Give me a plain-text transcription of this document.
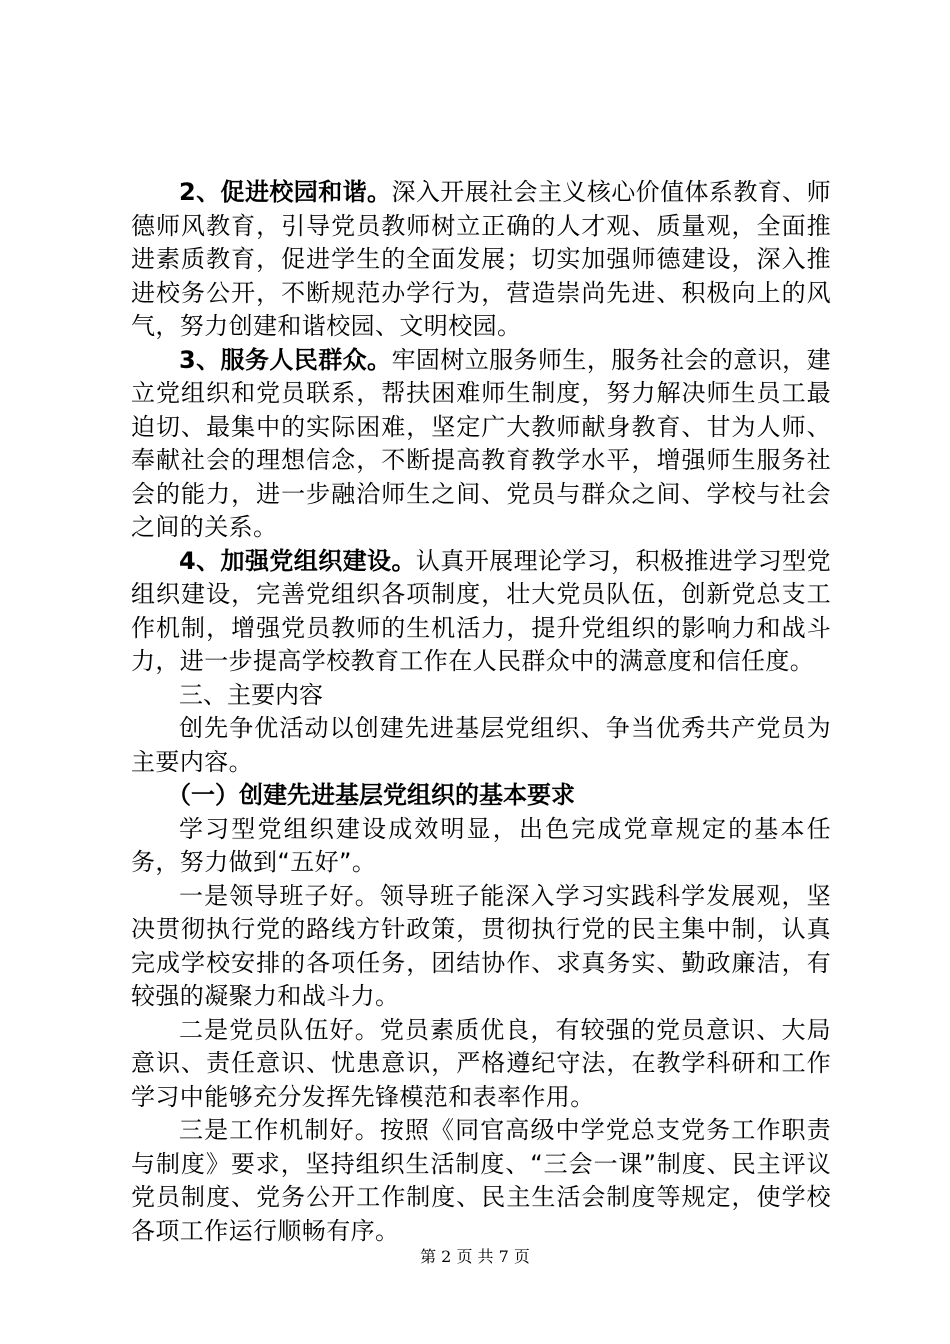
2、促进校园和谐。深入开展社会主义核心价值体系教育、师德师风教育，引导党员教师树立正确的人才观、质量观，全面推进素质教育，促进学生的全面发展；切实加强师德建设，深入推进校务公开，不断规范办学行为，营造崇尚先进、积极向上的风气，努力创建和谐校园、文明校园。

3、服务人民群众。牢固树立服务师生，服务社会的意识，建立党组织和党员联系，帮扶困难师生制度，努力解决师生员工最迫切、最集中的实际困难，坚定广大教师献身教育、甘为人师、奉献社会的理想信念，不断提高教育教学水平，增强师生服务社会的能力，进一步融洽师生之间、党员与群众之间、学校与社会之间的关系。

4、加强党组织建设。认真开展理论学习，积极推进学习型党组织建设，完善党组织各项制度，壮大党员队伍，创新党总支工作机制，增强党员教师的生机活力，提升党组织的影响力和战斗力，进一步提高学校教育工作在人民群众中的满意度和信任度。

三、主要内容

创先争优活动以创建先进基层党组织、争当优秀共产党员为主要内容。

（一）创建先进基层党组织的基本要求

学习型党组织建设成效明显，出色完成党章规定的基本任务，努力做到“五好”。

一是领导班子好。领导班子能深入学习实践科学发展观，坚决贯彻执行党的路线方针政策，贯彻执行党的民主集中制，认真完成学校安排的各项任务，团结协作、求真务实、勤政廉洁，有较强的凝聚力和战斗力。

二是党员队伍好。党员素质优良，有较强的党员意识、大局意识、责任意识、忧患意识，严格遵纪守法，在教学科研和工作学习中能够充分发挥先锋模范和表率作用。

三是工作机制好。按照《同官高级中学党总支党务工作职责与制度》要求，坚持组织生活制度、“三会一课”制度、民主评议党员制度、党务公开工作制度、民主生活会制度等规定，使学校各项工作运行顺畅有序。

第 2 页 共 7 页
